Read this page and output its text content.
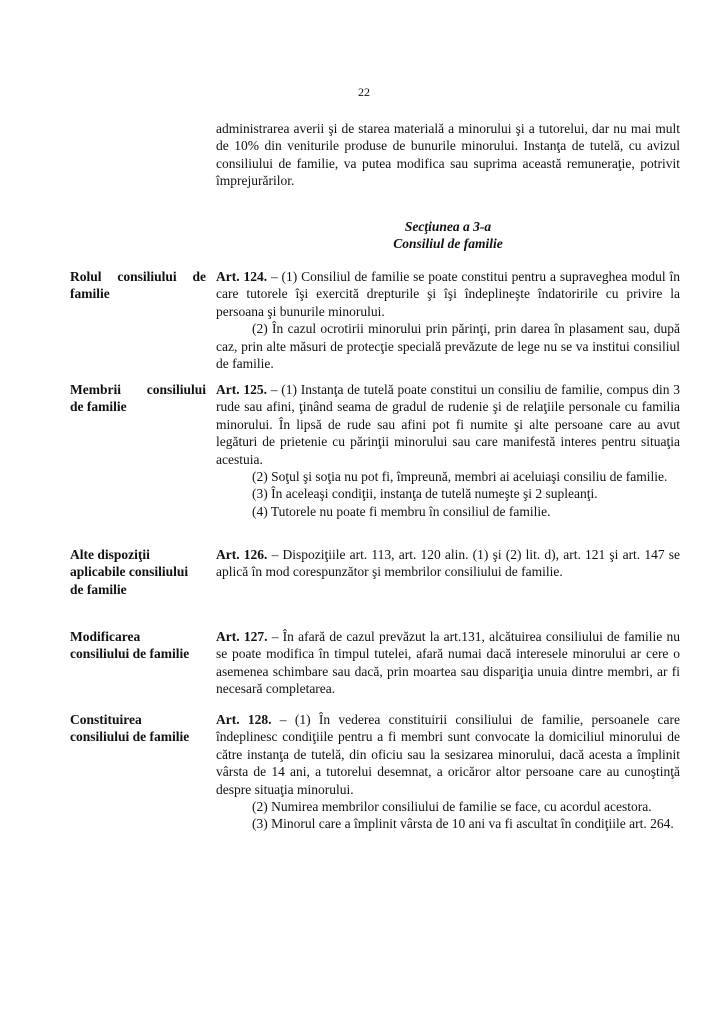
22

administrarea averii şi de starea materială a minorului şi a tutorelui, dar nu mai mult de 10% din veniturile produse de bunurile minorului. Instanţa de tutelă, cu avizul consiliului de familie, va putea modifica sau suprima această remuneraţie, potrivit împrejurărilor.

Secţiunea a 3-a
Consiliul de familie
Rolul consiliului de
familie

Art. 124. – (1) Consiliul de familie se poate constitui pentru a supraveghea modul în care tutorele îşi exercită drepturile şi îşi îndeplineşte îndatoririle cu privire la persoana şi bunurile minorului.

(2) În cazul ocrotirii minorului prin părinţi, prin darea în plasament sau, după caz, prin alte măsuri de protecţie specială prevăzute de lege nu se va institui consiliul de familie.

Membrii consiliului
de familie

Art. 125. – (1) Instanţa de tutelă poate constitui un consiliu de familie, compus din 3 rude sau afini, ţinând seama de gradul de rudenie şi de relaţiile personale cu familia minorului. În lipsă de rude sau afini pot fi numite şi alte persoane care au avut legături de prietenie cu părinţii minorului sau care manifestă interes pentru situaţia acestuia.

(2) Soţul şi soţia nu pot fi, împreună, membri ai aceluiaşi consiliu de familie.

(3) În aceleaşi condiţii, instanţa de tutelă numeşte şi 2 supleanţi.

(4) Tutorele nu poate fi membru în consiliul de familie.

Alte dispoziţii
aplicabile consiliului
de familie

Art. 126. – Dispoziţiile art. 113, art. 120 alin. (1) şi (2) lit. d), art. 121 şi art. 147 se aplică în mod corespunzător şi membrilor consiliului de familie.

Modificarea
consiliului de familie

Art. 127. – În afară de cazul prevăzut la art.131, alcătuirea consiliului de familie nu se poate modifica în timpul tutelei, afară numai dacă interesele minorului ar cere o asemenea schimbare sau dacă, prin moartea sau dispariţia unuia dintre membri, ar fi necesară completarea.

Constituirea
consiliului de familie

Art. 128. – (1) În vederea constituirii consiliului de familie, persoanele care îndeplinesc condiţiile pentru a fi membri sunt convocate la domiciliul minorului de către instanţa de tutelă, din oficiu sau la sesizarea minorului, dacă acesta a împlinit vârsta de 14 ani, a tutorelui desemnat, a oricăror altor persoane care au cunoştinţă despre situaţia minorului.

(2) Numirea membrilor consiliului de familie se face, cu acordul acestora.

(3) Minorul care a împlinit vârsta de 10 ani va fi ascultat în condiţiile art. 264.
